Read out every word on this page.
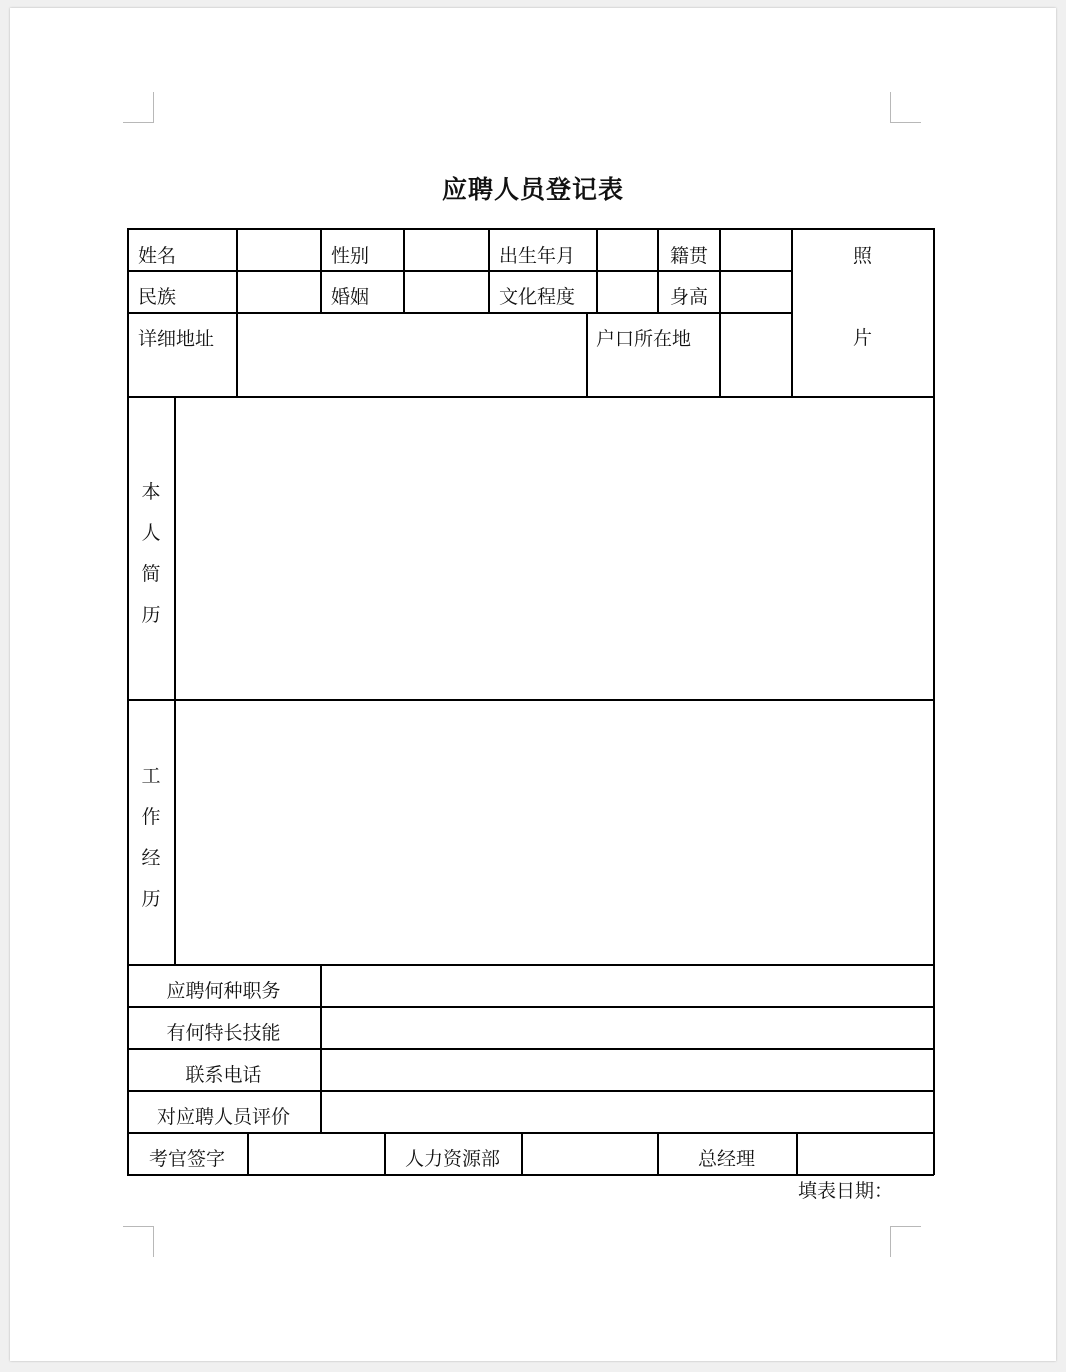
应聘人员登记表
姓名	性别	出生年月	籍贯	照
片
民族	婚姻	文化程度	身高
详细地址	户口所在地
本
人
简
历
工
作
经
历
应聘何种职务
有何特长技能
联系电话
对应聘人员评价
考官签字	人力资源部	总经理
填表日期：
